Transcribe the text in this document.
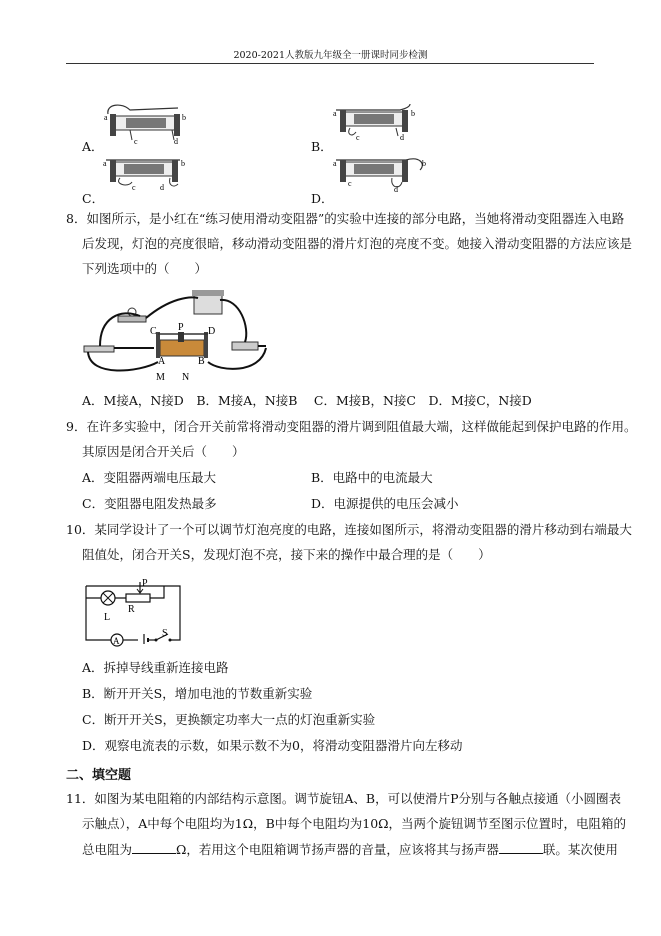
2020-2021人教版九年级全一册课时同步检测
A．	B．
C．	D．
a	b
c	d
a	b
c	d
a	b
c	d
a	b
c
d
8．如图所示，是小红在“练习使用滑动变阻器”的实验中连接的部分电路，当她将滑动变阻器连入电路
后发现，灯泡的亮度很暗，移动滑动变阻器的滑片灯泡的亮度不变。她接入滑动变阻器的方法应该是
下列选项中的（　　）
C P D
A	B
M N
A．M接A，N接D　B．M接A，N接B　 C．M接B，N接C　D．M接C，N接D
9．在许多实验中，闭合开关前常将滑动变阻器的滑片调到阻值最大端，这样做能起到保护电路的作用。
其原因是闭合开关后（　　）
A．变阻器两端电压最大	B．电路中的电流最大
C．变阻器电阻发热最多	D．电源提供的电压会减小
10．某同学设计了一个可以调节灯泡亮度的电路，连接如图所示，将滑动变阻器的滑片移动到右端最大
阻值处，闭合开关S，发现灯泡不亮，接下来的操作中最合理的是（　　）
A
P
R
L
S
A．拆掉导线重新连接电路
B．断开开关S，增加电池的节数重新实验
C．断开开关S，更换额定功率大一点的灯泡重新实验
D．观察电流表的示数，如果示数不为0，将滑动变阻器滑片向左移动
二、填空题
11．如图为某电阻箱的内部结构示意图。调节旋钮A、B，可以使滑片P分别与各触点接通（小圆圈表
示触点），A中每个电阻均为1Ω，B中每个电阻均为10Ω，当两个旋钮调节至图示位置时，电阻箱的
总电阻为	Ω，若用这个电阻箱调节扬声器的音量，应该将其与扬声器	联。某次使用
